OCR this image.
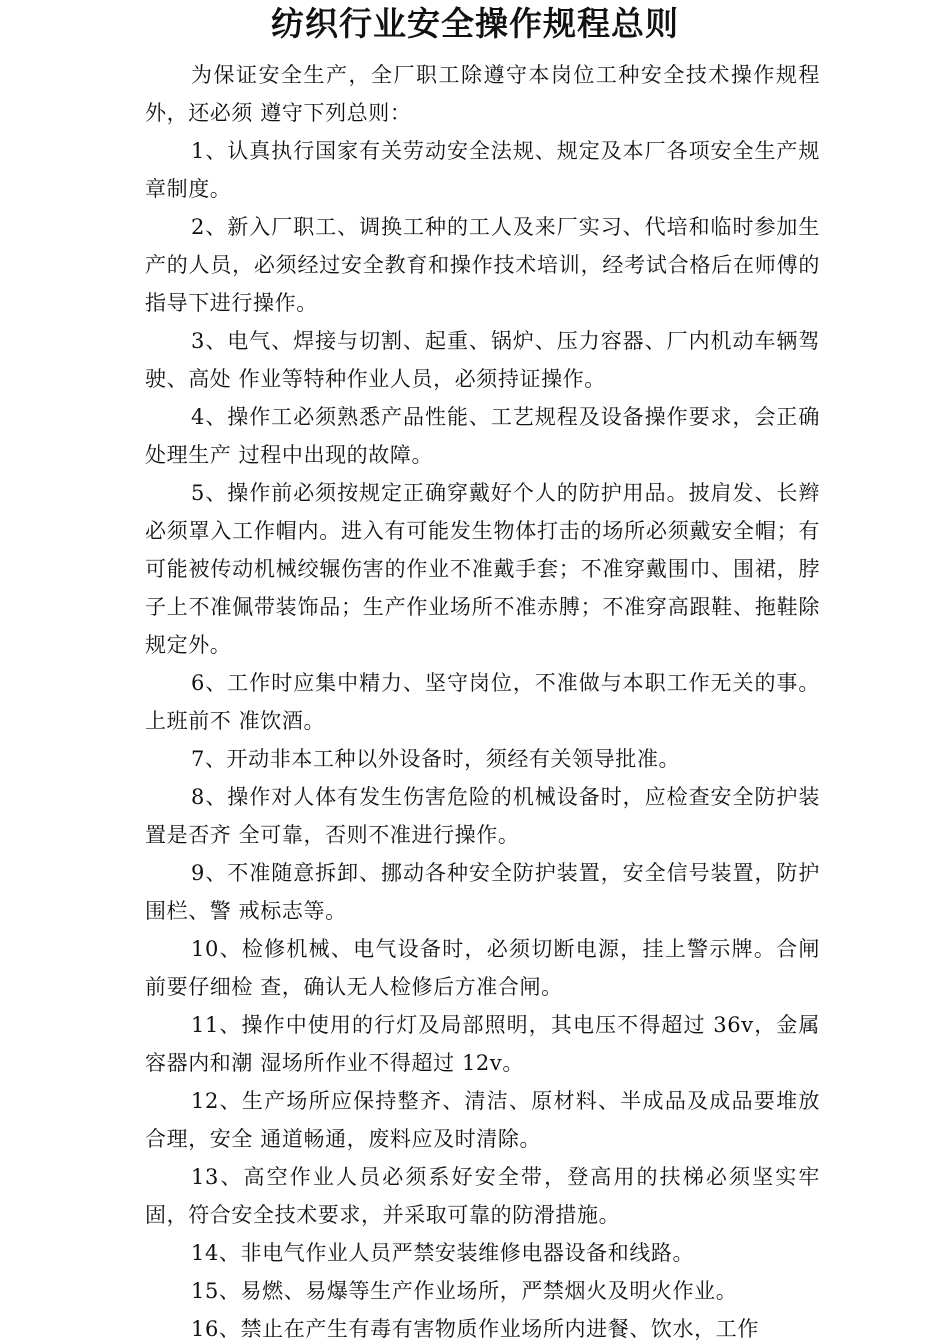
纺织行业安全操作规程总则

为保证安全生产，全厂职工除遵守本岗位工种安全技术操作规程外，还必须 遵守下列总则：

1、认真执行国家有关劳动安全法规、规定及本厂各项安全生产规章制度。

2、新入厂职工、调换工种的工人及来厂实习、代培和临时参加生产的人员，必须经过安全教育和操作技术培训，经考试合格后在师傅的指导下进行操作。

3、电气、焊接与切割、起重、锅炉、压力容器、厂内机动车辆驾驶、高处 作业等特种作业人员，必须持证操作。

4、操作工必须熟悉产品性能、工艺规程及设备操作要求，会正确处理生产 过程中出现的故障。

5、操作前必须按规定正确穿戴好个人的防护用品。披肩发、长辫必须罩入工作帽内。进入有可能发生物体打击的场所必须戴安全帽；有可能被传动机械绞辗伤害的作业不准戴手套；不准穿戴围巾、围裙，脖子上不准佩带装饰品；生产作业场所不准赤膊；不准穿高跟鞋、拖鞋除规定外。

6、工作时应集中精力、坚守岗位，不准做与本职工作无关的事。上班前不 准饮酒。

7、开动非本工种以外设备时，须经有关领导批准。

8、操作对人体有发生伤害危险的机械设备时，应检查安全防护装置是否齐 全可靠，否则不准进行操作。

9、不准随意拆卸、挪动各种安全防护装置，安全信号装置，防护围栏、警 戒标志等。

10、检修机械、电气设备时，必须切断电源，挂上警示牌。合闸前要仔细检 查，确认无人检修后方准合闸。

11、操作中使用的行灯及局部照明，其电压不得超过 36v，金属容器内和潮 湿场所作业不得超过 12v。

12、生产场所应保持整齐、清洁、原材料、半成品及成品要堆放合理，安全 通道畅通，废料应及时清除。

13、高空作业人员必须系好安全带，登高用的扶梯必须坚实牢固，符合安全技术要求，并采取可靠的防滑措施。

14、非电气作业人员严禁安装维修电器设备和线路。

15、易燃、易爆等生产作业场所，严禁烟火及明火作业。

16、禁止在产生有毒有害物质作业场所内进餐、饮水，工作
